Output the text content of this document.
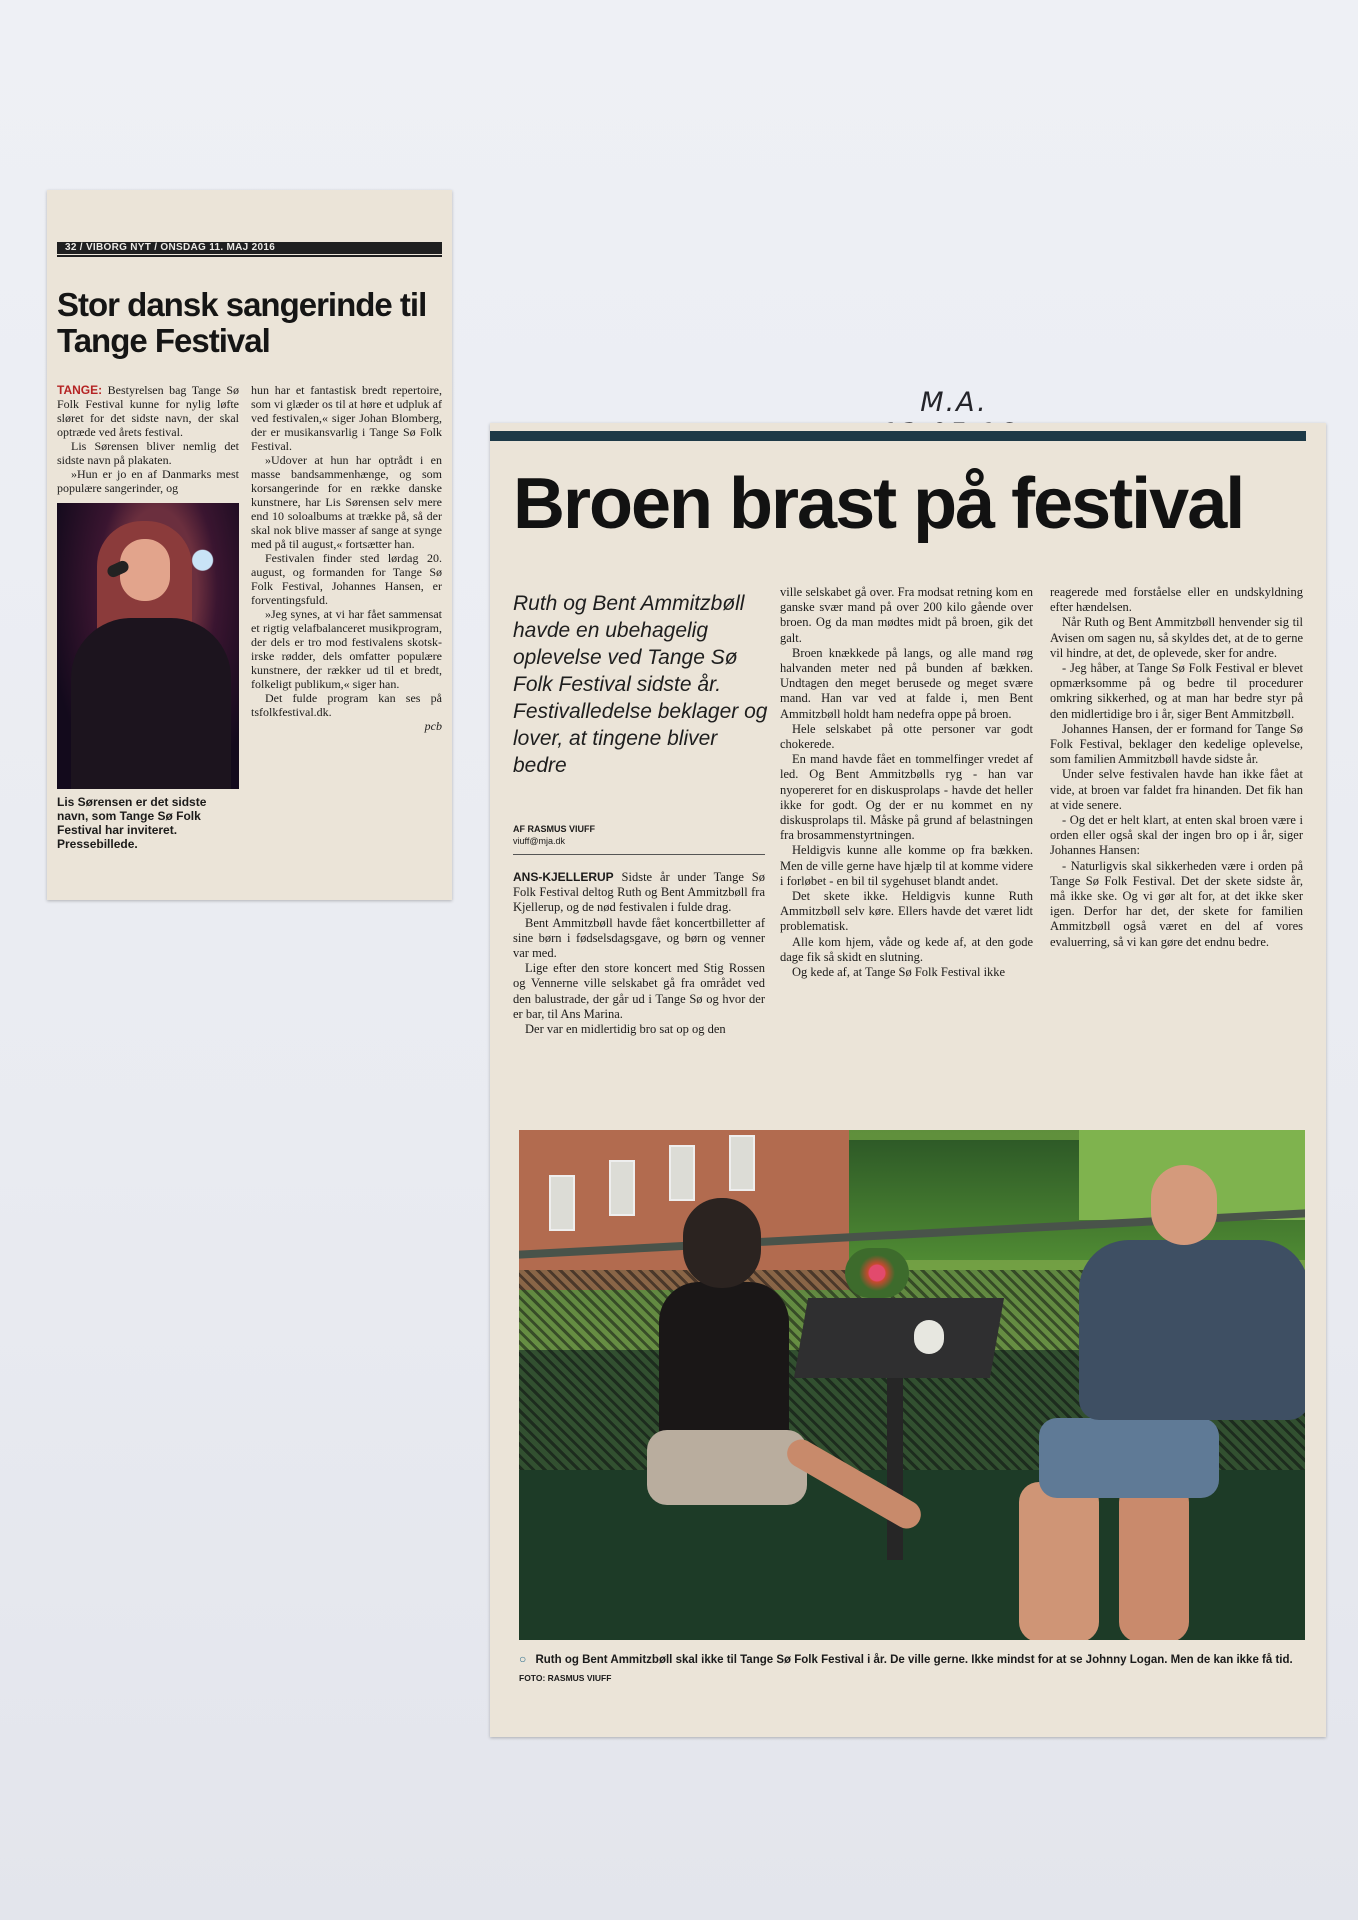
32 / VIBORG NYT / ONSDAG 11. MAJ 2016
Stor dansk sangerinde til Tange Festival

TANGE: Bestyrelsen bag Tange Sø Folk Festival kunne for nylig løfte sløret for det sidste navn, der skal optræde ved årets festival.
Lis Sørensen bliver nemlig det sidste navn på plakaten.
»Hun er jo en af Danmarks mest populære sangerinder, og

Lis Sørensen er det sidste navn, som Tange Sø Folk Festival har inviteret. Pressebillede.

hun har et fantastisk bredt repertoire, som vi glæder os til at høre et udpluk af ved festivalen,« siger Johan Blomberg, der er musikansvarlig i Tange Sø Folk Festival.
»Udover at hun har optrådt i en masse bandsammenhænge, og som korsangerinde for en række danske kunstnere, har Lis Sørensen selv mere end 10 soloalbums at trække på, så der skal nok blive masser af sange at synge med på til august,« fortsætter han.
Festivalen finder sted lørdag 20. august, og formanden for Tange Sø Folk Festival, Johannes Hansen, er forventingsfuld.
»Jeg synes, at vi har fået sammensat et rigtig velafbalanceret musikprogram, der dels er tro mod festivalens skotsk-irske rødder, dels omfatter populære kunstnere, der rækker ud til et bredt, folkeligt publikum,« siger han.
Det fulde program kan ses på tsfolkfestival.dk.

pcb
M.A.
Broen brast på festival

Ruth og Bent Ammitzbøll havde en ubehagelig oplevelse ved Tange Sø Folk Festival sidste år. Festivalledelse beklager og lover, at tingene bliver bedre

AF RASMUS VIUFF
viuff@mja.dk

ANS-KJELLERUP Sidste år under Tange Sø Folk Festival deltog Ruth og Bent Ammitzbøll fra Kjellerup, og de nød festivalen i fulde drag.
Bent Ammitzbøll havde fået koncertbilletter af sine børn i fødselsdagsgave, og børn og venner var med.
Lige efter den store koncert med Stig Rossen og Vennerne ville selskabet gå fra området ved den balustrade, der går ud i Tange Sø og hvor der er bar, til Ans Marina.
Der var en midlertidig bro sat op og den

ville selskabet gå over. Fra modsat retning kom en ganske svær mand på over 200 kilo gående over broen. Og da man mødtes midt på broen, gik det galt.
Broen knækkede på langs, og alle mand røg halvanden meter ned på bunden af bækken. Undtagen den meget berusede og meget svære mand. Han var ved at falde i, men Bent Ammitzbøll holdt ham nedefra oppe på broen.
Hele selskabet på otte personer var godt chokerede.
En mand havde fået en tommelfinger vredet af led. Og Bent Ammitzbølls ryg - han var nyopereret for en diskusprolaps - havde det heller ikke for godt. Og der er nu kommet en ny diskusprolaps til. Måske på grund af belastningen fra brosammenstyrtningen.
Heldigvis kunne alle komme op fra bækken. Men de ville gerne have hjælp til at komme videre i forløbet - en bil til sygehuset blandt andet.
Det skete ikke. Heldigvis kunne Ruth Ammitzbøll selv køre. Ellers havde det været lidt problematisk.
Alle kom hjem, våde og kede af, at den gode dage fik så skidt en slutning.
Og kede af, at Tange Sø Folk Festival ikke

reagerede med forståelse eller en undskyldning efter hændelsen.
Når Ruth og Bent Ammitzbøll henvender sig til Avisen om sagen nu, så skyldes det, at de to gerne vil hindre, at det, de oplevede, sker for andre.
- Jeg håber, at Tange Sø Folk Festival er blevet opmærksomme på og bedre til procedurer omkring sikkerhed, og at man har bedre styr på den midlertidige bro i år, siger Bent Ammitzbøll.
Johannes Hansen, der er formand for Tange Sø Folk Festival, beklager den kedelige oplevelse, som familien Ammitzbøll havde sidste år.
Under selve festivalen havde han ikke fået at vide, at broen var faldet fra hinanden. Det fik han at vide senere.
- Og det er helt klart, at enten skal broen være i orden eller også skal der ingen bro op i år, siger Johannes Hansen:
- Naturligvis skal sikkerheden være i orden på Tange Sø Folk Festival. Det der skete sidste år, må ikke ske. Og vi gør alt for, at det ikke sker igen. Derfor har det, der skete for familien Ammitzbøll også været en del af vores evaluerring, så vi kan gøre det endnu bedre.

○ Ruth og Bent Ammitzbøll skal ikke til Tange Sø Folk Festival i år. De ville gerne. Ikke mindst for at se Johnny Logan. Men de kan ikke få tid. FOTO: RASMUS VIUFF
